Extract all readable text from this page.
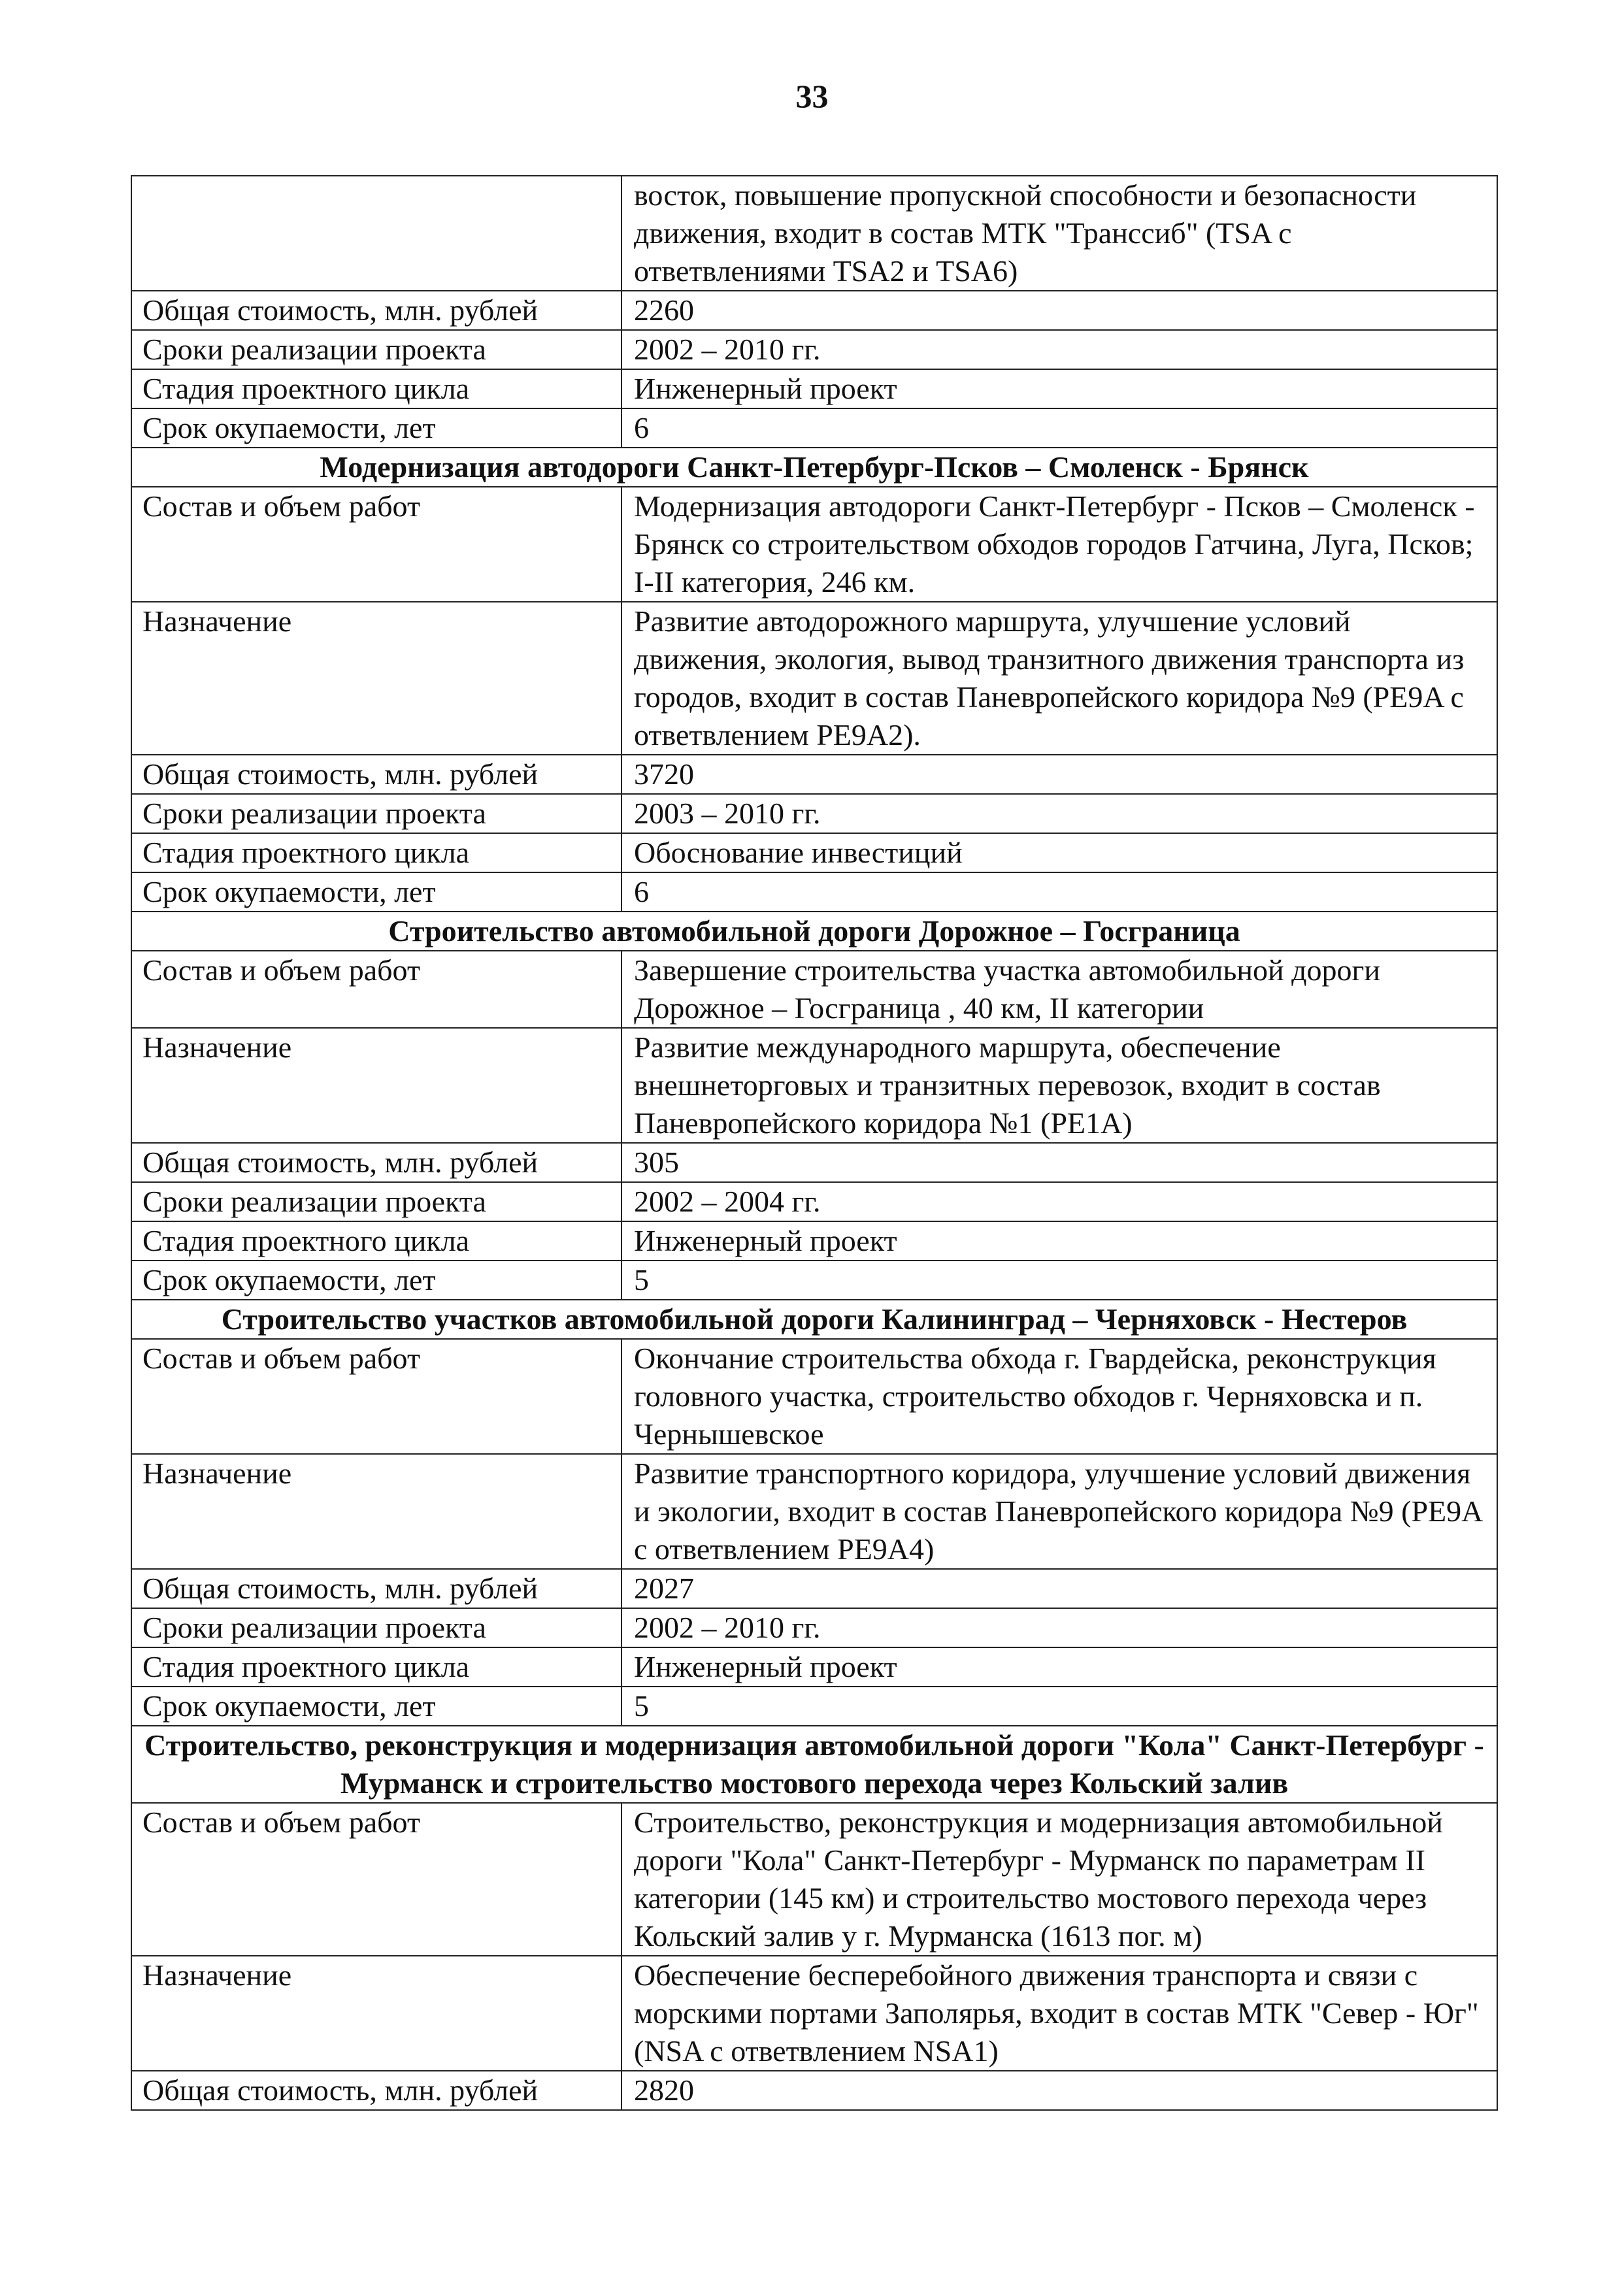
33
	восток, повышение пропускной способности и безопасности движения, входит в состав МТК "Транссиб" (TSA с ответвлениями TSA2 и TSA6)
Общая стоимость, млн. рублей	2260
Сроки реализации проекта	2002 – 2010 гг.
Стадия проектного цикла	Инженерный проект
Срок окупаемости, лет	6
Модернизация автодороги Санкт-Петербург-Псков – Смоленск - Брянск	
Состав и объем работ	Модернизация автодороги Санкт-Петербург - Псков – Смоленск - Брянск со строительством обходов городов Гатчина, Луга, Псков; I-II категория, 246 км.
Назначение	Развитие автодорожного маршрута, улучшение условий движения, экология, вывод транзитного движения транспорта из городов, входит в состав Паневропейского коридора №9 (PE9A с ответвлением PE9A2).
Общая стоимость, млн. рублей	3720
Сроки реализации проекта	2003 – 2010 гг.
Стадия проектного цикла	Обоснование инвестиций
Срок окупаемости, лет	6
Строительство автомобильной дороги Дорожное – Госграница	
Состав и объем работ	Завершение строительства участка автомобильной дороги Дорожное – Госграница , 40 км, II категории
Назначение	Развитие международного маршрута, обеспечение внешнеторговых и транзитных перевозок, входит в состав Паневропейского коридора №1 (PE1A)
Общая стоимость, млн. рублей	305
Сроки реализации проекта	2002 – 2004 гг.
Стадия проектного цикла	Инженерный проект
Срок окупаемости, лет	5
Строительство участков автомобильной дороги Калининград – Черняховск - Нестеров	
Состав и объем работ	Окончание строительства обхода г. Гвардейска, реконструкция головного участка, строительство обходов г. Черняховска и п. Чернышевское
Назначение	Развитие транспортного коридора, улучшение условий движения и экологии, входит в состав Паневропейского коридора №9 (PE9A с ответвлением PE9A4)
Общая стоимость, млн. рублей	2027
Сроки реализации проекта	2002 – 2010 гг.
Стадия проектного цикла	Инженерный проект
Срок окупаемости, лет	5
Строительство, реконструкция и модернизация автомобильной дороги "Кола" Санкт-Петербург - Мурманск и строительство мостового перехода через Кольский залив	
Состав и объем работ	Строительство, реконструкция и модернизация автомобильной дороги "Кола" Санкт-Петербург - Мурманск по параметрам II категории (145 км) и строительство мостового перехода через Кольский залив у г. Мурманска (1613 пог. м)
Назначение	Обеспечение бесперебойного движения транспорта и связи с морскими портами Заполярья, входит в состав МТК "Север - Юг" (NSA с ответвлением NSA1)
Общая стоимость, млн. рублей	2820
